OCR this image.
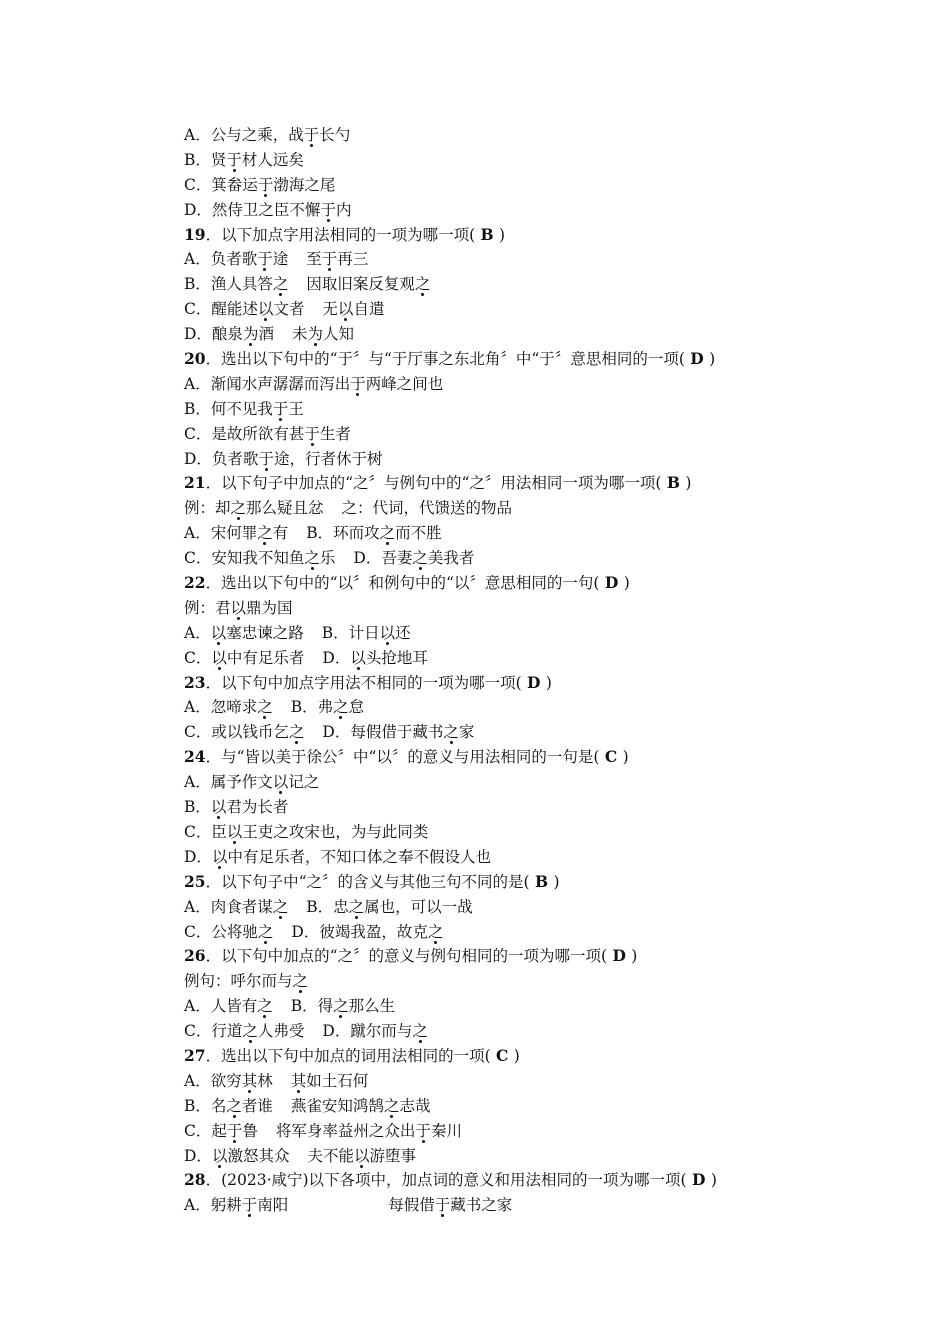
A．公与之乘，战于长勺
B．贤于材人远矣
C．箕畚运于渤海之尾
D．然侍卫之臣不懈于内
19．以下加点字用法相同的一项为哪一项( B )
A．负者歌于途 至于再三
B．渔人具答之 因取旧案反复观之
C．醒能述以文者 无以自遣
D．酿泉为酒 未为人知
20．选出以下句中的“于〞与“于厅事之东北角〞中“于〞意思相同的一项( D )
A．渐闻水声潺潺而泻出于两峰之间也
B．何不见我于王
C．是故所欲有甚于生者
D．负者歌于途，行者休于树
21．以下句子中加点的“之〞与例句中的“之〞用法相同一项为哪一项( B )
例：却之那么疑且忿 之：代词，代馈送的物品
A．宋何罪之有 B．环而攻之而不胜
C．安知我不知鱼之乐 D．吾妻之美我者
22．选出以下句中的“以〞和例句中的“以〞意思相同的一句( D )
例：君以鼎为国
A．以塞忠谏之路 B．计日以还
C．以中有足乐者 D．以头抢地耳
23．以下句中加点字用法不相同的一项为哪一项( D )
A．忽啼求之 B．弗之怠
C．或以钱币乞之 D．每假借于藏书之家
24．与“皆以美于徐公〞中“以〞的意义与用法相同的一句是( C )
A．属予作文以记之
B．以君为长者
C．臣以王吏之攻宋也，为与此同类
D．以中有足乐者，不知口体之奉不假设人也
25．以下句子中“之〞的含义与其他三句不同的是( B )
A．肉食者谋之 B．忠之属也，可以一战
C．公将驰之 D．彼竭我盈，故克之
26．以下句中加点的“之〞的意义与例句相同的一项为哪一项( D )
例句：呼尔而与之
A．人皆有之 B．得之那么生
C．行道之人弗受 D．蹴尔而与之
27．选出以下句中加点的词用法相同的一项( C )
A．欲穷其林 其如土石何
B．名之者谁 燕雀安知鸿鹄之志哉
C．起于鲁 将军身率益州之众出于秦川
D．以激怒其众 夫不能以游堕事
28．(2023·咸宁)以下各项中，加点词的意义和用法相同的一项为哪一项( D )
A．躬耕于南阳	每假借于藏书之家
